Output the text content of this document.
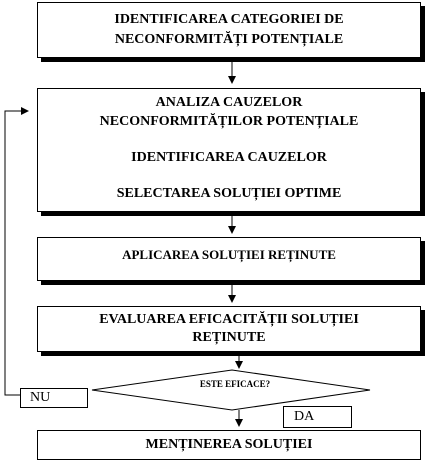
IDENTIFICAREA CATEGORIEI DE
NECONFORMITĂȚI POTENȚIALE
ANALIZA CAUZELOR
NECONFORMITĂȚILOR POTENȚIALE
IDENTIFICAREA CAUZELOR
SELECTAREA SOLUȚIEI OPTIME
APLICAREA SOLUȚIEI REȚINUTE
EVALUAREA EFICACITĂȚII SOLUȚIEI
REȚINUTE
ESTE EFICACE?
NU
DA
MENȚINEREA SOLUȚIEI
